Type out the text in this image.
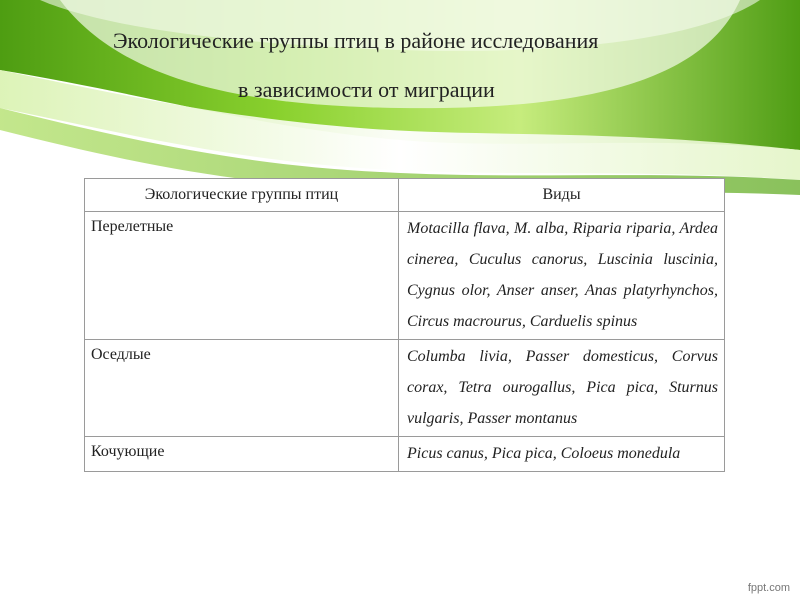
Экологические группы птиц в районе исследования
в зависимости от миграции
Экологические группы птиц	Виды
Перелетные	Motacilla flava, M. alba, Riparia riparia, Ardea cinerea, Cuculus canorus, Luscinia luscinia, Cygnus olor, Anser anser, Anas platyrhynchos, Circus macrourus, Carduelis spinus
Оседлые	Columba livia, Passer domesticus, Corvus corax, Tetra ourogallus, Pica pica, Sturnus vulgaris, Passer montanus
Кочующие	Picus canus, Pica pica, Coloeus monedula
fppt.com
